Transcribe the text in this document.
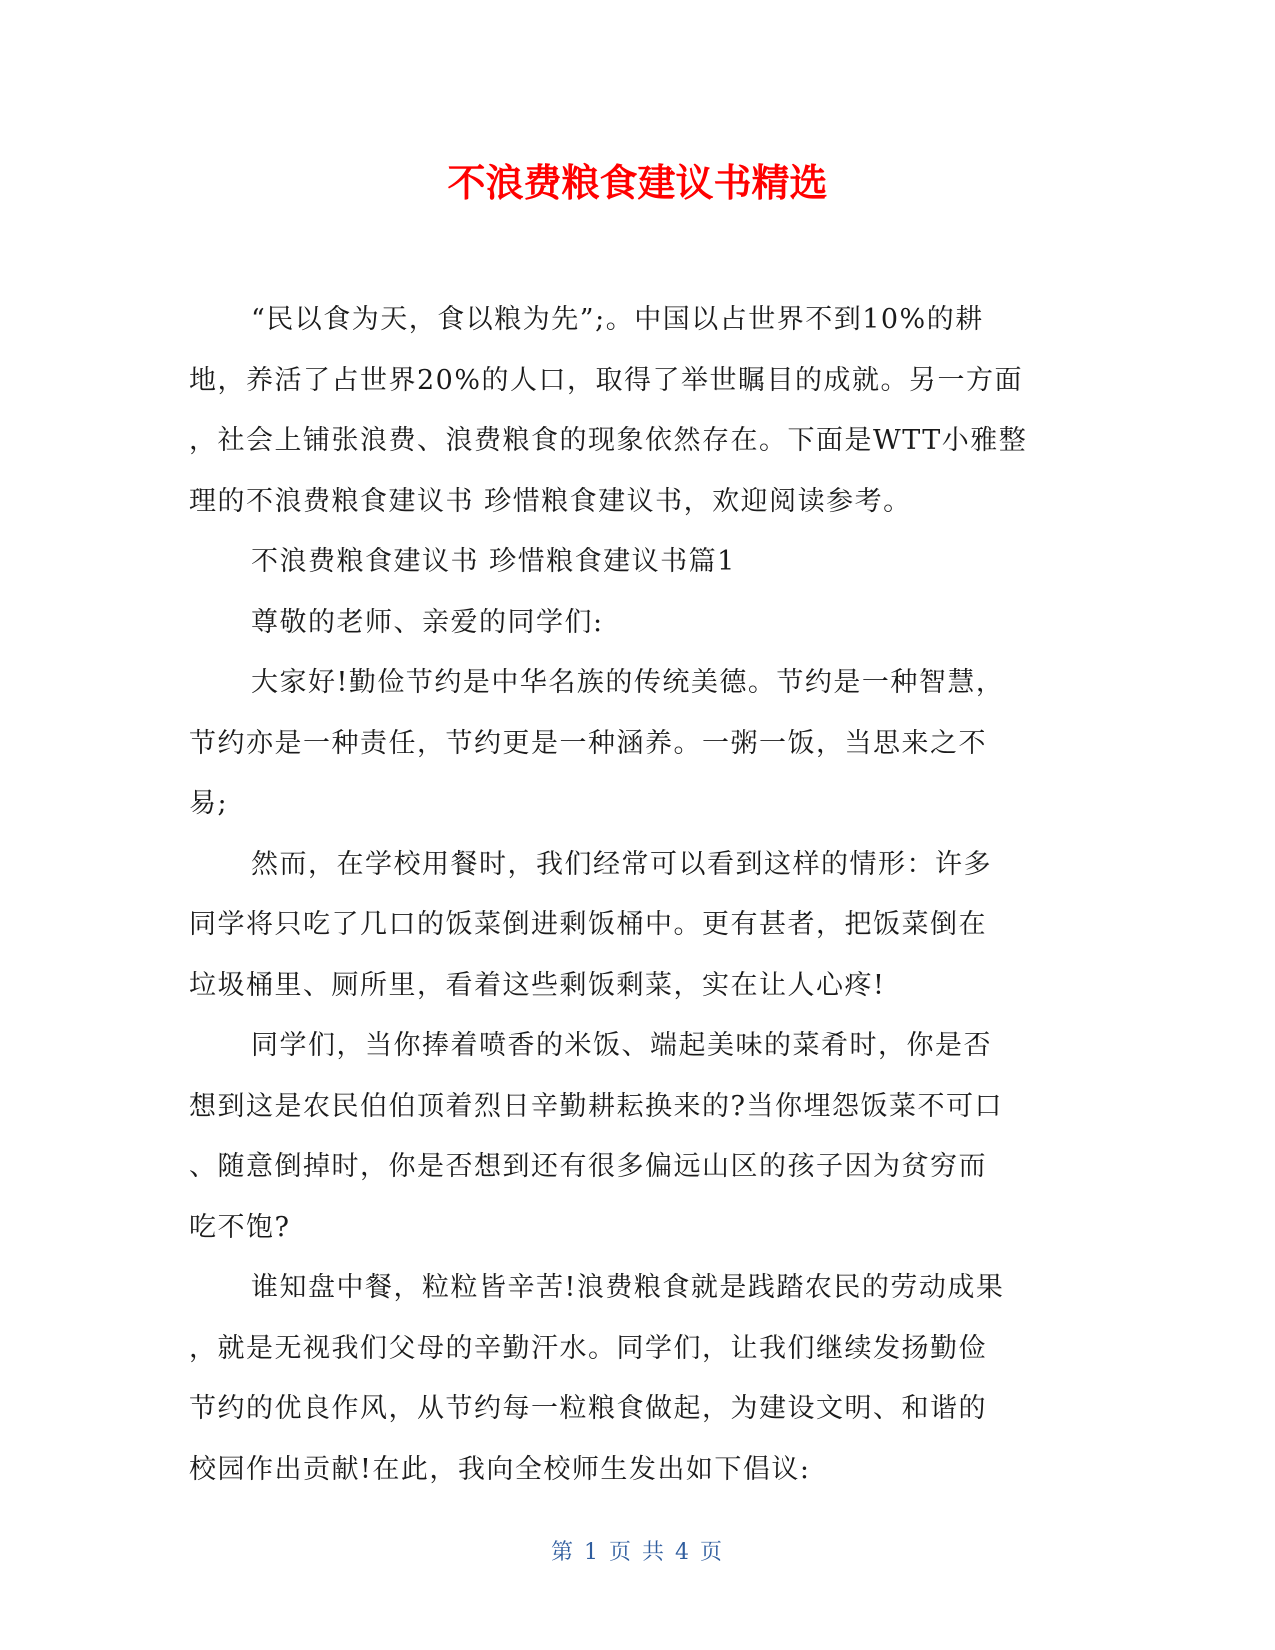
不浪费粮食建议书精选

“民以食为天，食以粮为先”;。中国以占世界不到10%的耕
地，养活了占世界20%的人口，取得了举世瞩目的成就。另一方面
，社会上铺张浪费、浪费粮食的现象依然存在。下面是WTT小雅整
理的不浪费粮食建议书 珍惜粮食建议书，欢迎阅读参考。

不浪费粮食建议书 珍惜粮食建议书篇1

尊敬的老师、亲爱的同学们:

大家好!勤俭节约是中华名族的传统美德。节约是一种智慧，
节约亦是一种责任，节约更是一种涵养。一粥一饭，当思来之不
易;

然而，在学校用餐时，我们经常可以看到这样的情形：许多
同学将只吃了几口的饭菜倒进剩饭桶中。更有甚者，把饭菜倒在
垃圾桶里、厕所里，看着这些剩饭剩菜，实在让人心疼!

同学们，当你捧着喷香的米饭、端起美味的菜肴时，你是否
想到这是农民伯伯顶着烈日辛勤耕耘换来的?当你埋怨饭菜不可口
、随意倒掉时，你是否想到还有很多偏远山区的孩子因为贫穷而
吃不饱?

谁知盘中餐，粒粒皆辛苦!浪费粮食就是践踏农民的劳动成果
，就是无视我们父母的辛勤汗水。同学们，让我们继续发扬勤俭
节约的优良作风，从节约每一粒粮食做起，为建设文明、和谐的
校园作出贡献!在此，我向全校师生发出如下倡议:

第 1 页 共 4 页
